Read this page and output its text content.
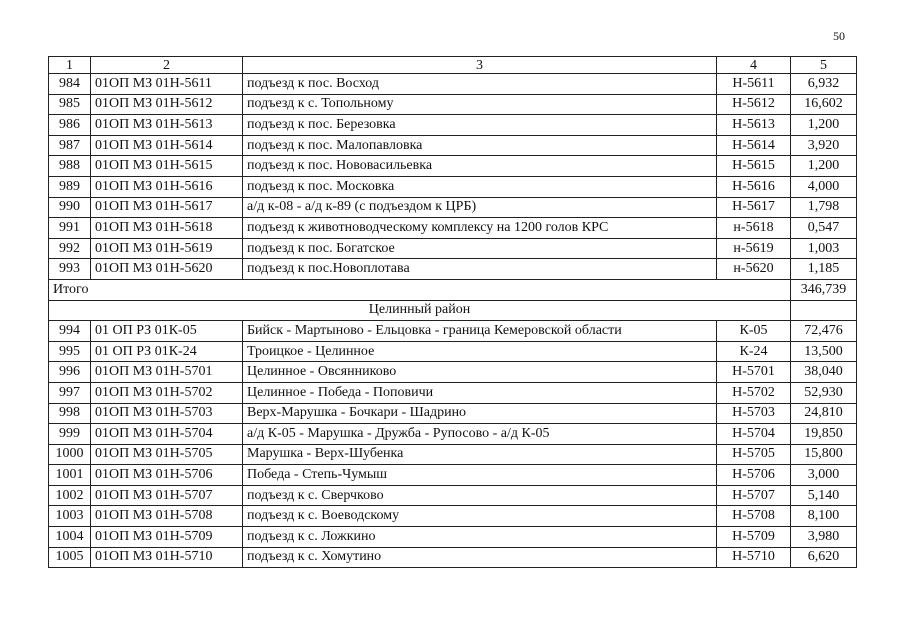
50
1	2	3	4	5
984	01ОП МЗ 01Н-5611	подъезд к пос. Восход	Н-5611	6,932
985	01ОП МЗ 01Н-5612	подъезд к с. Топольному	Н-5612	16,602
986	01ОП МЗ 01Н-5613	подъезд к пос. Березовка	Н-5613	1,200
987	01ОП МЗ 01Н-5614	подъезд к пос. Малопавловка	Н-5614	3,920
988	01ОП МЗ 01Н-5615	подъезд к пос. Нововасильевка	Н-5615	1,200
989	01ОП МЗ 01Н-5616	подъезд к пос. Московка	Н-5616	4,000
990	01ОП МЗ 01Н-5617	а/д к-08 - а/д к-89 (с подъездом к ЦРБ)	Н-5617	1,798
991	01ОП МЗ 01Н-5618	подъезд к животноводческому комплексу на 1200 голов КРС	н-5618	0,547
992	01ОП МЗ 01Н-5619	подъезд к пос. Богатское	н-5619	1,003
993	01ОП МЗ 01Н-5620	подъезд к пос.Новоплотава	н-5620	1,185
Итого				346,739
Целинный район				
994	01 ОП РЗ 01К-05	Бийск - Мартыново - Ельцовка - граница Кемеровской области	К-05	72,476
995	01 ОП РЗ 01К-24	Троицкое - Целинное	К-24	13,500
996	01ОП МЗ 01Н-5701	Целинное - Овсянниково	Н-5701	38,040
997	01ОП МЗ 01Н-5702	Целинное - Победа - Поповичи	Н-5702	52,930
998	01ОП МЗ 01Н-5703	Верх-Марушка - Бочкари - Шадрино	Н-5703	24,810
999	01ОП МЗ 01Н-5704	а/д К-05 - Марушка - Дружба - Рупосово - а/д К-05	Н-5704	19,850
1000	01ОП МЗ 01Н-5705	Марушка - Верх-Шубенка	Н-5705	15,800
1001	01ОП МЗ 01Н-5706	Победа - Степь-Чумыш	Н-5706	3,000
1002	01ОП МЗ 01Н-5707	подъезд к с. Сверчково	Н-5707	5,140
1003	01ОП МЗ 01Н-5708	подъезд к с. Воеводскому	Н-5708	8,100
1004	01ОП МЗ 01Н-5709	подъезд к с. Ложкино	Н-5709	3,980
1005	01ОП МЗ 01Н-5710	подъезд к с. Хомутино	Н-5710	6,620
